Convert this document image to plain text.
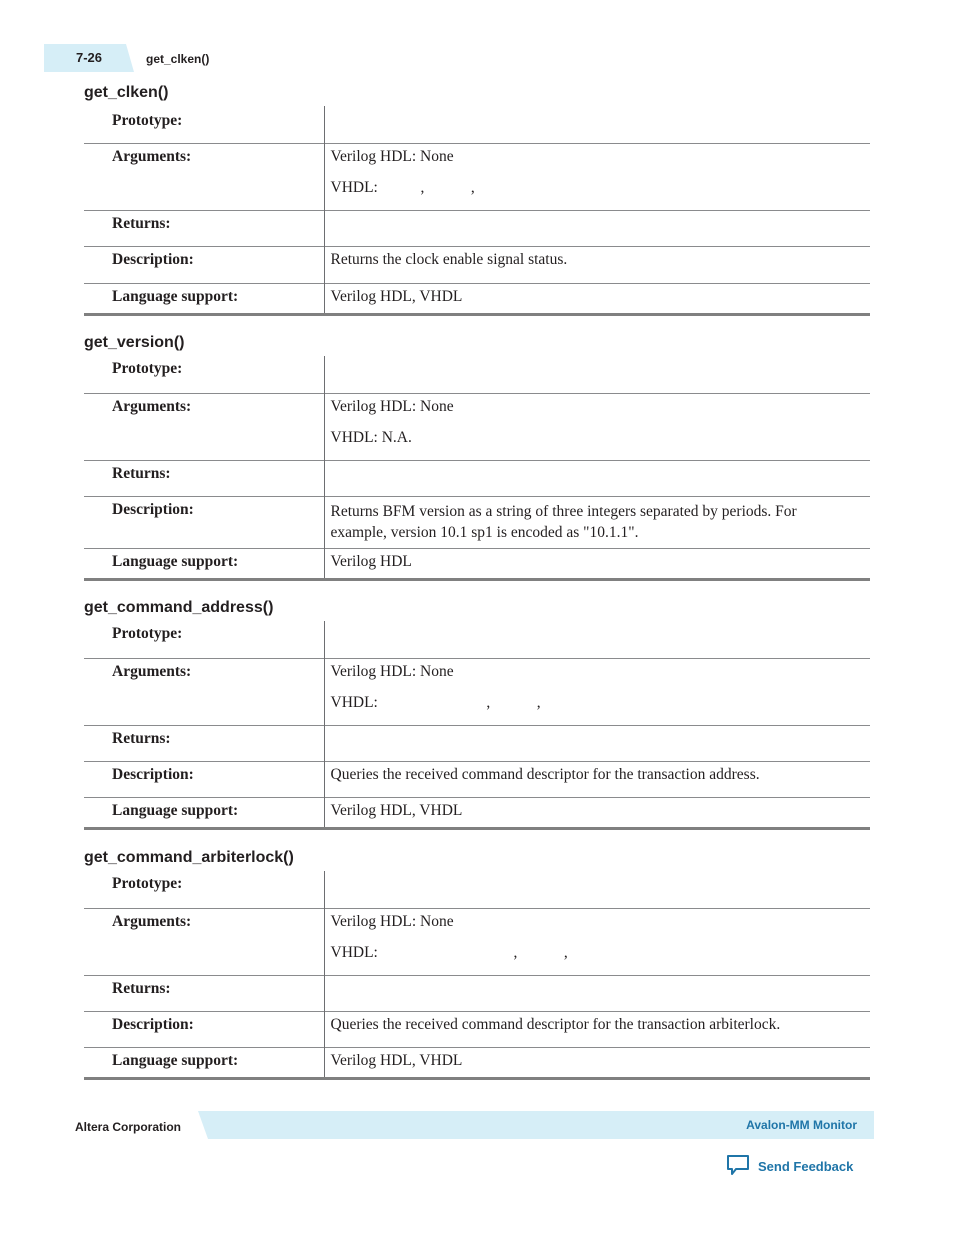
7-26	get_clken()
get_clken()
Prototype:	
Arguments:	Verilog HDL: None
VHDL:           ,            ,

Returns:	
Description:	Returns the clock enable signal status.
Language support:	Verilog HDL, VHDL
get_version()
Prototype:	
Arguments:	Verilog HDL: None
VHDL: N.A.

Returns:	
Description:	Returns BFM version as a string of three integers separated by periods. For
example, version 10.1 sp1 is encoded as "10.1.1".

Language support:	Verilog HDL
get_command_address()
Prototype:	
Arguments:	Verilog HDL: None
VHDL:                            ,            ,

Returns:	
Description:	Queries the received command descriptor for the transaction address.
Language support:	Verilog HDL, VHDL
get_command_arbiterlock()
Prototype:	
Arguments:	Verilog HDL: None
VHDL:                                   ,            ,

Returns:	
Description:	Queries the received command descriptor for the transaction arbiterlock.
Language support:	Verilog HDL, VHDL
Altera Corporation	Avalon-MM Monitor
Send Feedback
